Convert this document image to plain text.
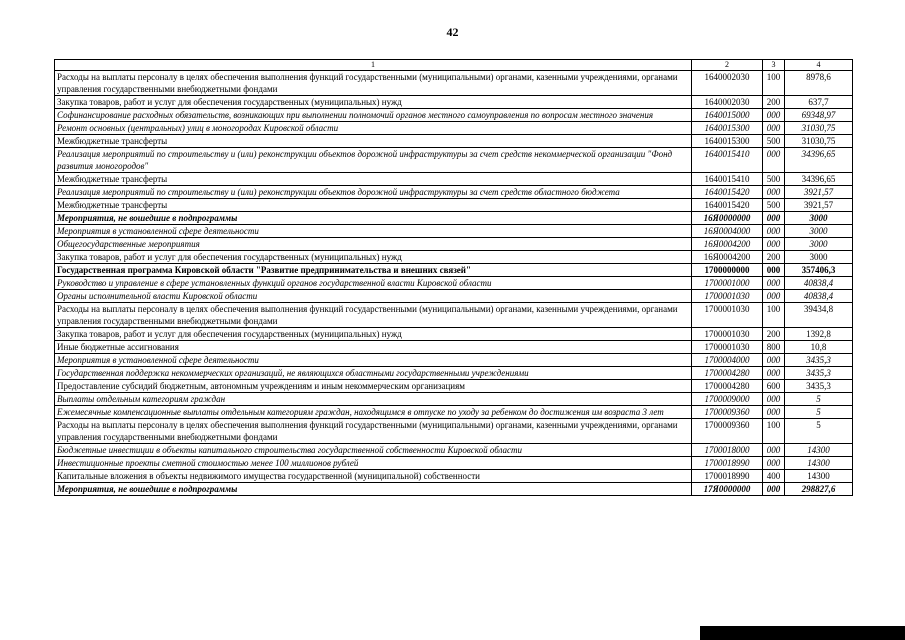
42
1	2	3	4
Расходы на выплаты персоналу в целях обеспечения выполнения функций государственными (муниципальными) органами, казенными учреждениями, органами управления государственными внебюджетными фондами	1640002030	100	8978,6
Закупка товаров, работ и услуг для обеспечения государственных (муниципальных) нужд	1640002030	200	637,7
Софинансирование расходных обязательств, возникающих при выполнении полномочий органов местного самоуправления по вопросам местного значения	1640015000	000	69348,97
Ремонт основных (центральных) улиц в моногородах Кировской области	1640015300	000	31030,75
Межбюджетные трансферты	1640015300	500	31030,75
Реализация мероприятий по строительству и (или) реконструкции объектов дорожной инфраструктуры за счет средств некоммерческой организации "Фонд развития моногородов"	1640015410	000	34396,65
Межбюджетные трансферты	1640015410	500	34396,65
Реализация мероприятий по строительству и (или) реконструкции объектов дорожной инфраструктуры за счет средств областного бюджета	1640015420	000	3921,57
Межбюджетные трансферты	1640015420	500	3921,57
Мероприятия, не вошедшие в подпрограммы	16Я0000000	000	3000
Мероприятия в установленной сфере деятельности	16Я0004000	000	3000
Общегосударственные мероприятия	16Я0004200	000	3000
Закупка товаров, работ и услуг для обеспечения государственных (муниципальных) нужд	16Я0004200	200	3000
Государственная программа Кировской области "Развитие предпринимательства и внешних связей"	1700000000	000	357406,3
Руководство и управление в сфере установленных функций органов государственной власти Кировской области	1700001000	000	40838,4
Органы исполнительной власти Кировской области	1700001030	000	40838,4
Расходы на выплаты персоналу в целях обеспечения выполнения функций государственными (муниципальными) органами, казенными учреждениями, органами управления государственными внебюджетными фондами	1700001030	100	39434,8
Закупка товаров, работ и услуг для обеспечения государственных (муниципальных) нужд	1700001030	200	1392,8
Иные бюджетные ассигнования	1700001030	800	10,8
Мероприятия в установленной сфере деятельности	1700004000	000	3435,3
Государственная поддержка некоммерческих организаций, не являющихся областными государственными учреждениями	1700004280	000	3435,3
Предоставление субсидий бюджетным, автономным учреждениям и иным некоммерческим организациям	1700004280	600	3435,3
Выплаты отдельным категориям граждан	1700009000	000	5
Ежемесячные компенсационные выплаты отдельным категориям граждан, находящимся в отпуске по уходу за ребенком до достижения им возраста 3 лет	1700009360	000	5
Расходы на выплаты персоналу в целях обеспечения выполнения функций государственными (муниципальными) органами, казенными учреждениями, органами управления государственными внебюджетными фондами	1700009360	100	5
Бюджетные инвестиции в объекты капитального строительства государственной собственности Кировской области	1700018000	000	14300
Инвестиционные проекты сметной стоимостью менее 100 миллионов рублей	1700018990	000	14300
Капитальные вложения в объекты недвижимого имущества государственной (муниципальной) собственности	1700018990	400	14300
Мероприятия, не вошедшие в подпрограммы	17Я0000000	000	298827,6
